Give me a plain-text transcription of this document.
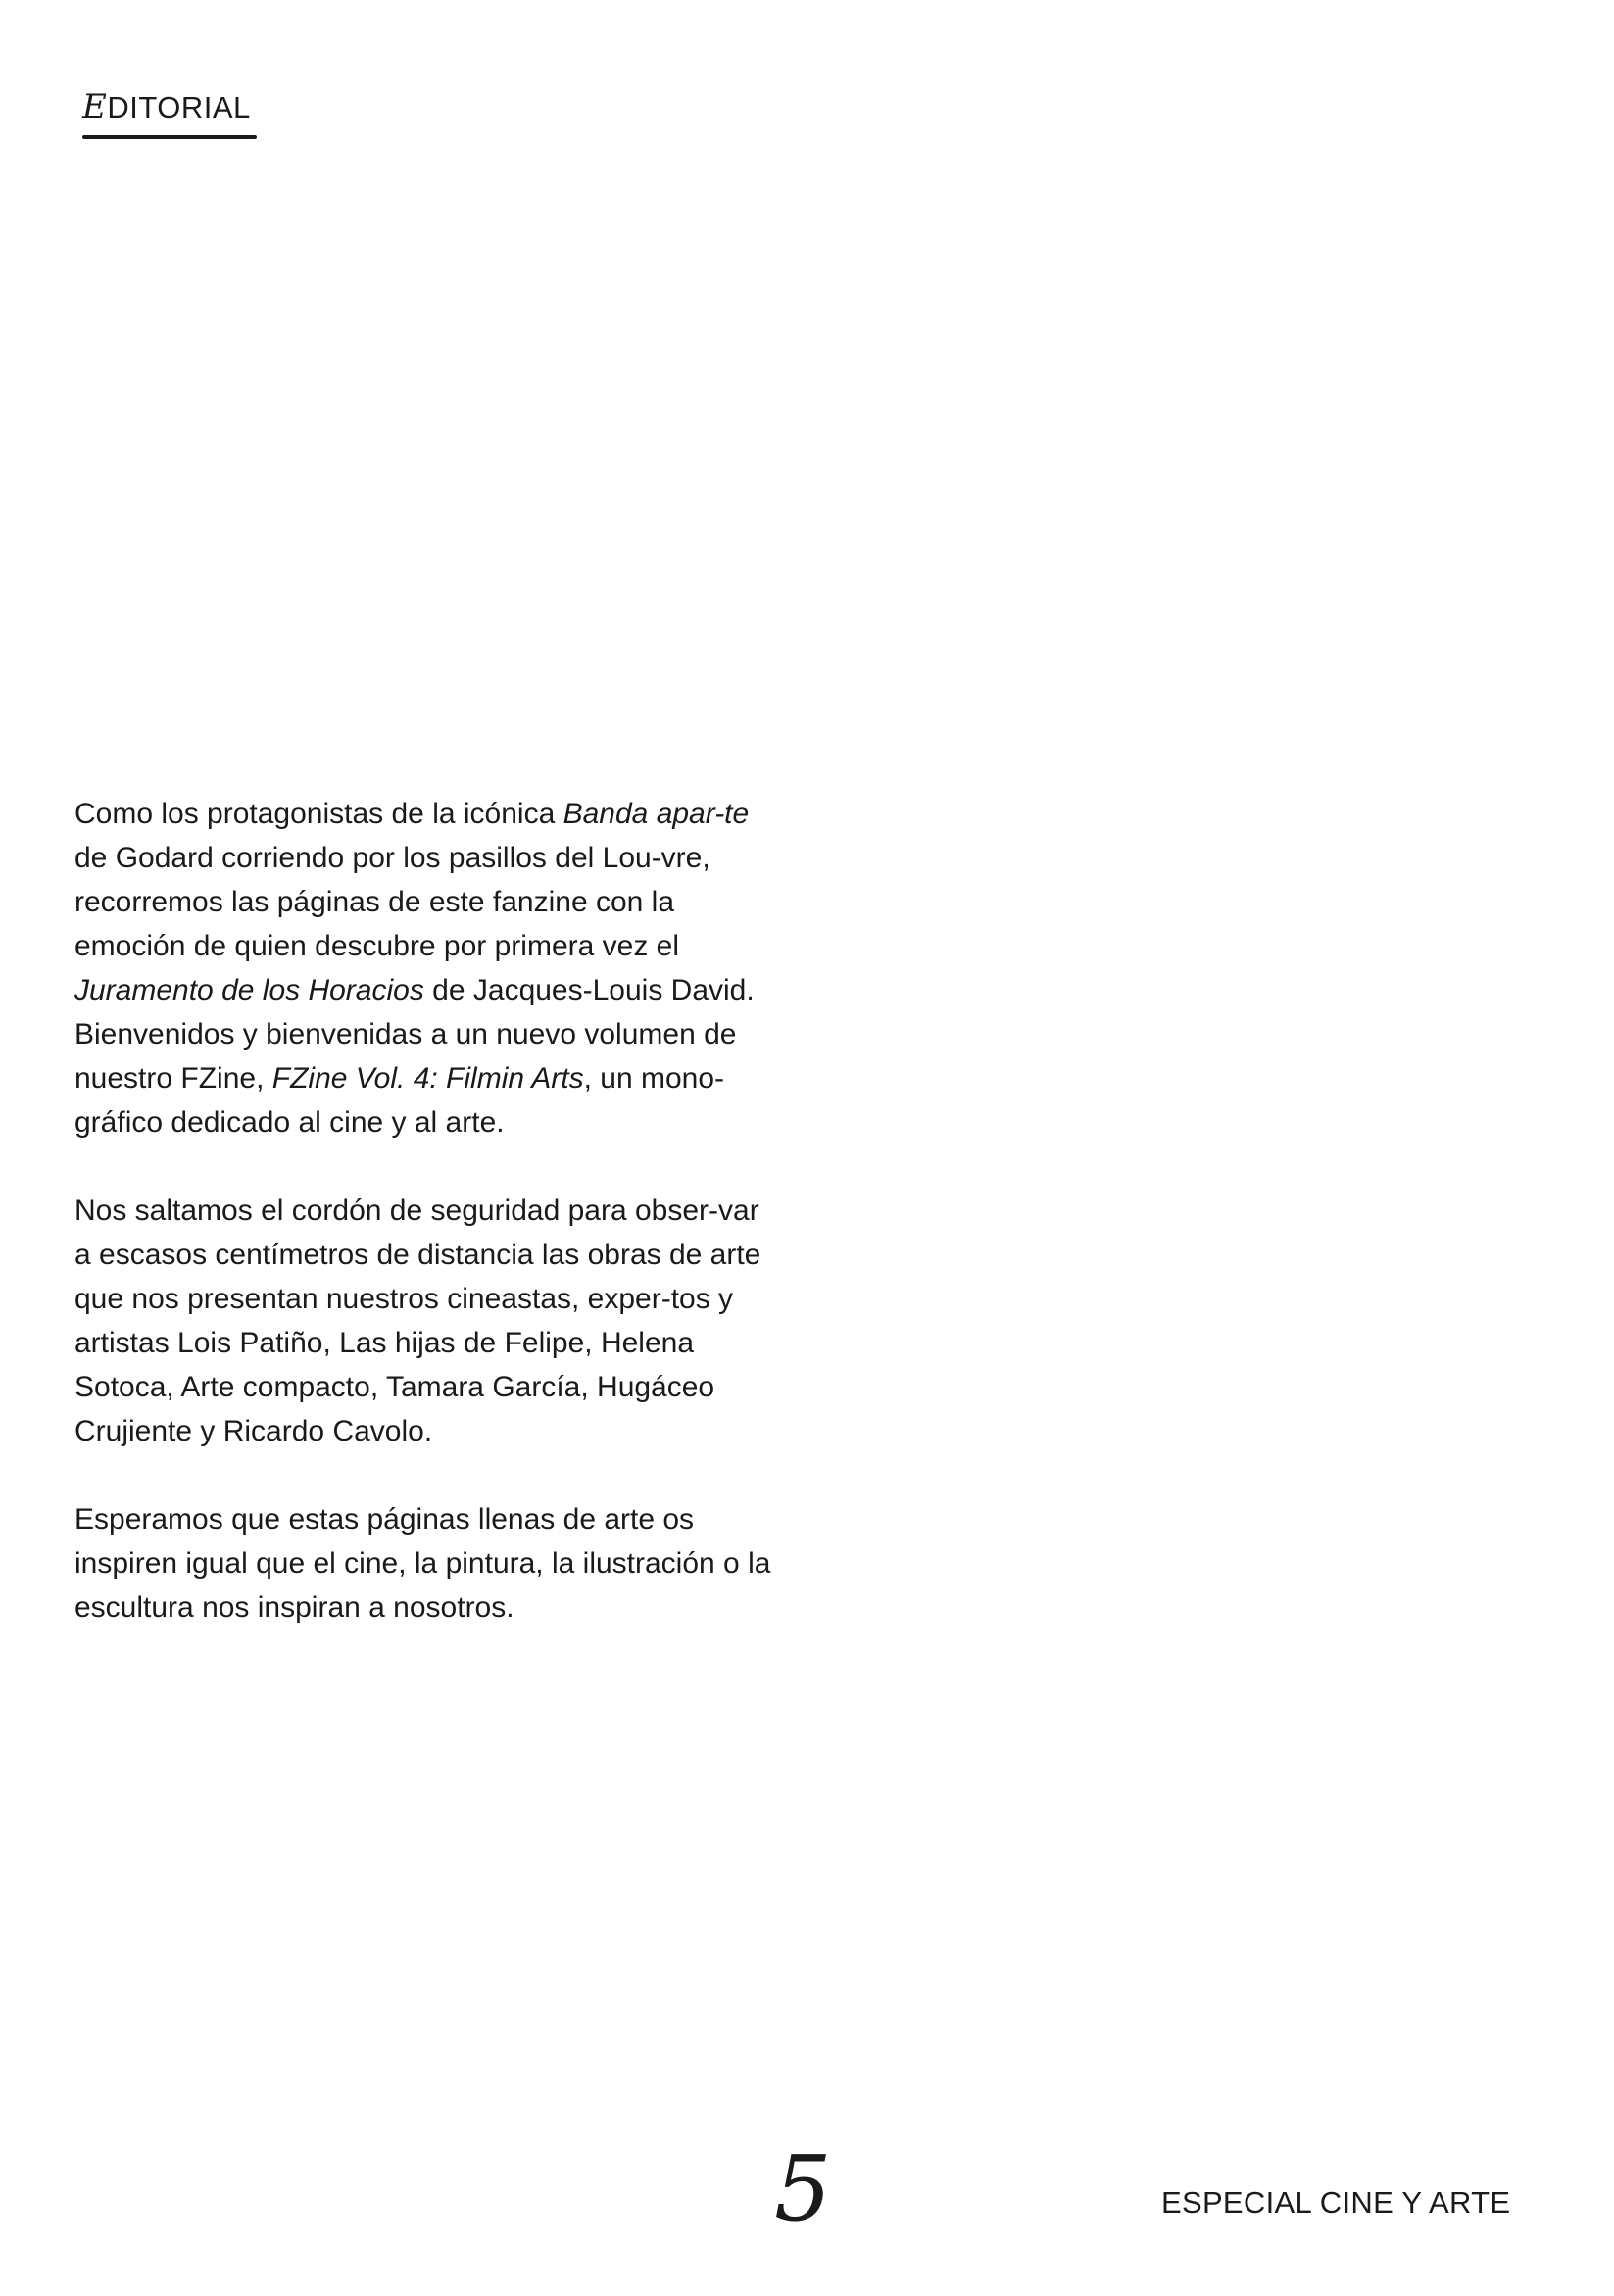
EDITORIAL

Como los protagonistas de la icónica Banda apar-te de Godard corriendo por los pasillos del Lou-vre, recorremos las páginas de este fanzine con la emoción de quien descubre por primera vez el Juramento de los Horacios de Jacques-Louis David. Bienvenidos y bienvenidas a un nuevo volumen de nuestro FZine, FZine Vol. 4: Filmin Arts, un mono-gráfico dedicado al cine y al arte.

Nos saltamos el cordón de seguridad para obser-var a escasos centímetros de distancia las obras de arte que nos presentan nuestros cineastas, exper-tos y artistas Lois Patiño, Las hijas de Felipe, Helena Sotoca, Arte compacto, Tamara García, Hugáceo Crujiente y Ricardo Cavolo.

Esperamos que estas páginas llenas de arte os inspiren igual que el cine, la pintura, la ilustración o la escultura nos inspiran a nosotros.

5	ESPECIAL CINE Y ARTE
